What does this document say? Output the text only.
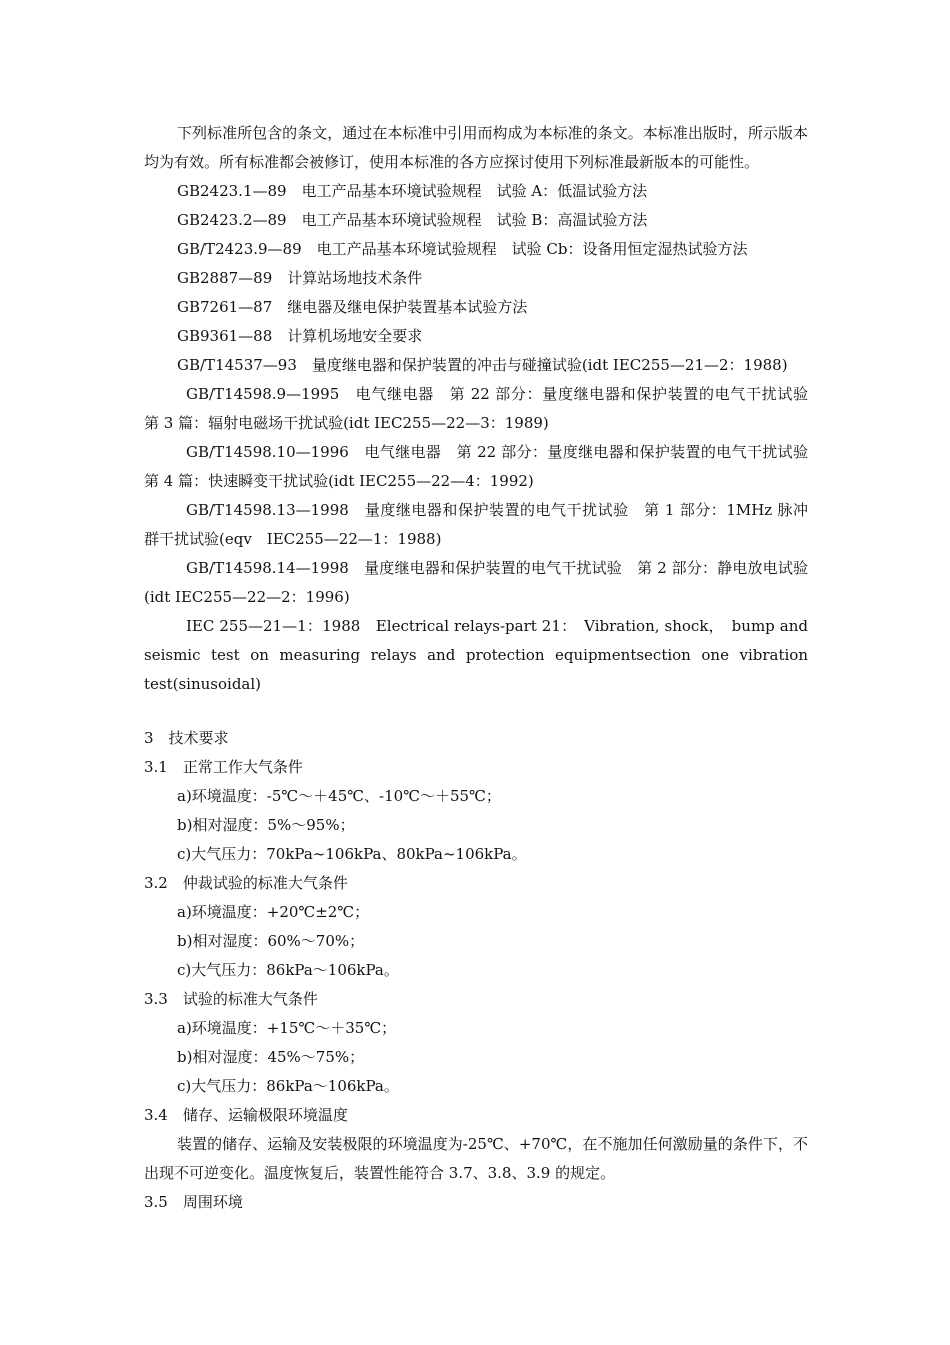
下列标准所包含的条文，通过在本标准中引用而构成为本标准的条文。本标准出版时，所示版本均为有效。所有标准都会被修订，使用本标准的各方应探讨使用下列标准最新版本的可能性。

GB2423.1—89　电工产品基本环境试验规程　试验 A：低温试验方法

GB2423.2—89　电工产品基本环境试验规程　试验 B：高温试验方法

GB/T2423.9—89　电工产品基本环境试验规程　试验 Cb：设备用恒定湿热试验方法

GB2887—89　计算站场地技术条件

GB7261—87　继电器及继电保护装置基本试验方法

GB9361—88　计算机场地安全要求

GB/T14537—93　量度继电器和保护装置的冲击与碰撞试验(idt IEC255—21—2：1988)

GB/T14598.9—1995　电气继电器　第 22 部分：量度继电器和保护装置的电气干扰试验　第 3 篇：辐射电磁场干扰试验(idt IEC255—22—3：1989)

GB/T14598.10—1996　电气继电器　第 22 部分：量度继电器和保护装置的电气干扰试验　第 4 篇：快速瞬变干扰试验(idt IEC255—22—4：1992)

GB/T14598.13—1998　量度继电器和保护装置的电气干扰试验　第 1 部分：1MHz 脉冲群干扰试验(eqv　IEC255—22—1：1988)

GB/T14598.14—1998　量度继电器和保护装置的电气干扰试验　第 2 部分：静电放电试验(idt IEC255—22—2：1996)

IEC 255—21—1：1988　Electrical relays-part 21：　Vibration, shock，　bump and seismic test on measuring relays and protection equipmentsection one vibration test(sinusoidal)

3　技术要求

3.1　正常工作大气条件

a)环境温度：-5℃～＋45℃、-10℃～＋55℃；

b)相对湿度：5%～95%；

c)大气压力：70kPa~106kPa、80kPa~106kPa。

3.2　仲裁试验的标准大气条件

a)环境温度：+20℃±2℃；

b)相对湿度：60%～70%；

c)大气压力：86kPa～106kPa。

3.3　试验的标准大气条件

a)环境温度：+15℃～＋35℃；

b)相对湿度：45%～75%；

c)大气压力：86kPa～106kPa。

3.4　储存、运输极限环境温度

装置的储存、运输及安装极限的环境温度为-25℃、+70℃，在不施加任何激励量的条件下，不出现不可逆变化。温度恢复后，装置性能符合 3.7、3.8、3.9 的规定。

3.5　周围环境
